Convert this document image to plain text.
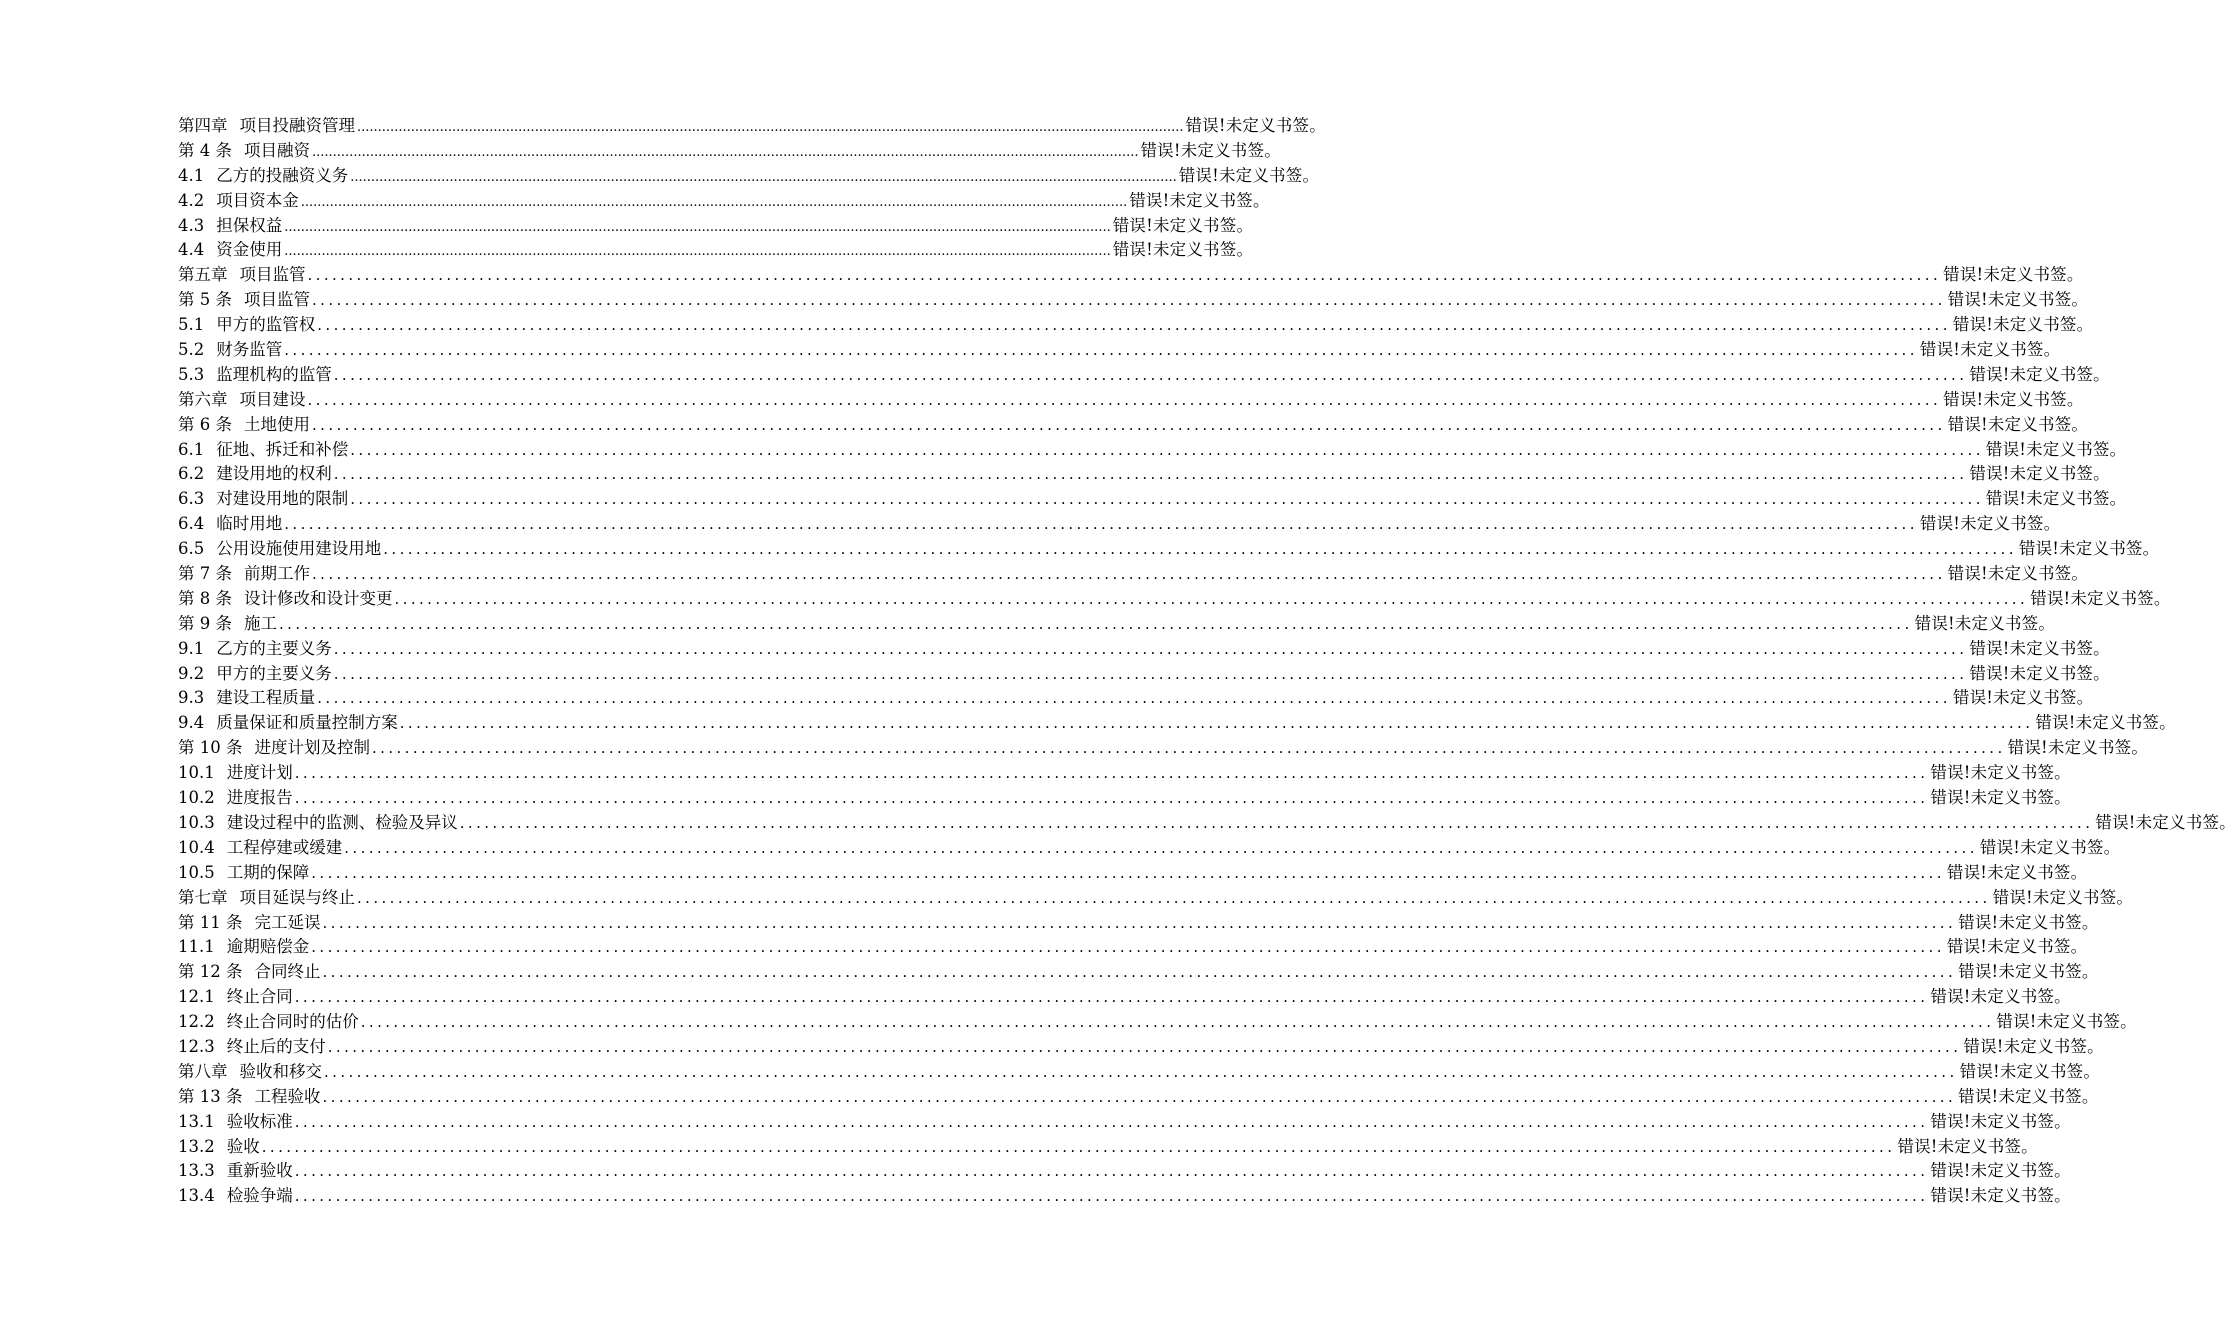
第四章 项目投融资管理 ........................................................................................................................................................................................................ 错误!未定义书签。
第 4 条 项目融资 ........................................................................................................................................................................................................ 错误!未定义书签。
4.1 乙方的投融资义务 ........................................................................................................................................................................................................ 错误!未定义书签。
4.2 项目资本金 ........................................................................................................................................................................................................ 错误!未定义书签。
4.3 担保权益 ........................................................................................................................................................................................................ 错误!未定义书签。
4.4 资金使用 ........................................................................................................................................................................................................ 错误!未定义书签。
第五章 项目监管 ........................................................................................................................................................................................................ 错误!未定义书签。
第 5 条 项目监管 ........................................................................................................................................................................................................ 错误!未定义书签。
5.1 甲方的监管权 ........................................................................................................................................................................................................ 错误!未定义书签。
5.2 财务监管 ........................................................................................................................................................................................................ 错误!未定义书签。
5.3 监理机构的监管 ........................................................................................................................................................................................................ 错误!未定义书签。
第六章 项目建设 ........................................................................................................................................................................................................ 错误!未定义书签。
第 6 条 土地使用 ........................................................................................................................................................................................................ 错误!未定义书签。
6.1 征地、拆迁和补偿 ........................................................................................................................................................................................................ 错误!未定义书签。
6.2 建设用地的权利 ........................................................................................................................................................................................................ 错误!未定义书签。
6.3 对建设用地的限制 ........................................................................................................................................................................................................ 错误!未定义书签。
6.4 临时用地 ........................................................................................................................................................................................................ 错误!未定义书签。
6.5 公用设施使用建设用地 ........................................................................................................................................................................................................ 错误!未定义书签。
第 7 条 前期工作 ........................................................................................................................................................................................................ 错误!未定义书签。
第 8 条 设计修改和设计变更 ........................................................................................................................................................................................................ 错误!未定义书签。
第 9 条 施工 ........................................................................................................................................................................................................ 错误!未定义书签。
9.1 乙方的主要义务 ........................................................................................................................................................................................................ 错误!未定义书签。
9.2 甲方的主要义务 ........................................................................................................................................................................................................ 错误!未定义书签。
9.3 建设工程质量 ........................................................................................................................................................................................................ 错误!未定义书签。
9.4 质量保证和质量控制方案 ........................................................................................................................................................................................................ 错误!未定义书签。
第 10 条 进度计划及控制 ........................................................................................................................................................................................................ 错误!未定义书签。
10.1 进度计划 ........................................................................................................................................................................................................ 错误!未定义书签。
10.2 进度报告 ........................................................................................................................................................................................................ 错误!未定义书签。
10.3 建设过程中的监测、检验及异议 ........................................................................................................................................................................................................ 错误!未定义书签。
10.4 工程停建或缓建 ........................................................................................................................................................................................................ 错误!未定义书签。
10.5 工期的保障 ........................................................................................................................................................................................................ 错误!未定义书签。
第七章 项目延误与终止 ........................................................................................................................................................................................................ 错误!未定义书签。
第 11 条 完工延误 ........................................................................................................................................................................................................ 错误!未定义书签。
11.1 逾期赔偿金 ........................................................................................................................................................................................................ 错误!未定义书签。
第 12 条 合同终止 ........................................................................................................................................................................................................ 错误!未定义书签。
12.1 终止合同 ........................................................................................................................................................................................................ 错误!未定义书签。
12.2 终止合同时的估价 ........................................................................................................................................................................................................ 错误!未定义书签。
12.3 终止后的支付 ........................................................................................................................................................................................................ 错误!未定义书签。
第八章 验收和移交 ........................................................................................................................................................................................................ 错误!未定义书签。
第 13 条 工程验收 ........................................................................................................................................................................................................ 错误!未定义书签。
13.1 验收标准 ........................................................................................................................................................................................................ 错误!未定义书签。
13.2 验收 ........................................................................................................................................................................................................ 错误!未定义书签。
13.3 重新验收 ........................................................................................................................................................................................................ 错误!未定义书签。
13.4 检验争端 ........................................................................................................................................................................................................ 错误!未定义书签。
